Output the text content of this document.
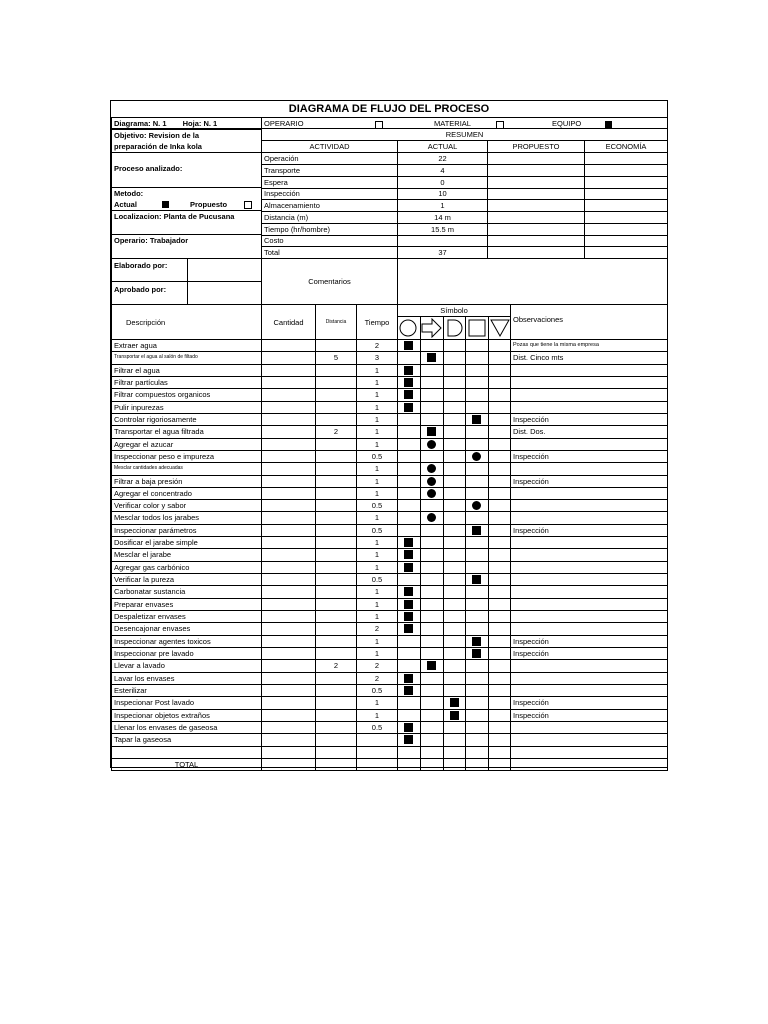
DIAGRAMA DE FLUJO DEL PROCESO
Diagrama: N. 1 Hoja: N. 1	OPERARIO	MATERIAL	EQUIPO
Objetivo: Revision de la
preparación de Inka kola
Proceso analizado:
Metodo:
Actual	Propuesto
Localizacion: Planta de Pucusana
Operario: Trabajador
RESUMEN
ACTIVIDAD	ACTUAL	PROPUESTO	ECONOMÍA
Operación	22
Transporte	4
Espera	0
Inspección	10
Almacenamiento	1
Distancia (m)	14 m
Tiempo (hr/hombre)	15.5 m
Costo
Total	37
Elaborado por:
Aprobado por:
Comentarios
Descripción	Cantidad	Distancia	Tiempo
Símbolo
Observaciones
Extraer agua	2	Pozas que tiene la misma empresa
Transportar el agua al salón de filtado	5	3	Dist. Cinco mts
Filtrar el agua	1
Filtrar partículas	1
Filtrar compuestos organicos	1
Pulir inpurezas	1
Controlar rigoriosamente	1	Inspección
Transportar el agua filtrada	2	1	Dist. Dos.
Agregar el azucar	1
Inspeccionar peso e impureza	0.5	Inspección
Mesclar cantidades adecuadas	1
Filtrar a baja presión	1	Inspección
Agregar el concentrado	1
Verificar color y sabor	0.5
Mesclar todos los jarabes	1
Inspeccionar parámetros	0.5	Inspección
Dosificar el jarabe simple	1
Mesclar el jarabe	1
Agregar gas carbónico	1
Verificar la pureza	0.5
Carbonatar sustancia	1
Preparar envases	1
Despaletizar envases	1
Desencajonar envases	2
Inspeccionar agentes toxicos	1	Inspección
Inspeccionar pre lavado	1	Inspección
Llevar a lavado	2	2
Lavar los envases	2
Esterilizar	0.5
Inspecionar Post lavado	1	Inspección
Inspecionar objetos extraños	1	Inspección
Llenar los envases de gaseosa	0.5
Tapar la gaseosa
TOTAL
